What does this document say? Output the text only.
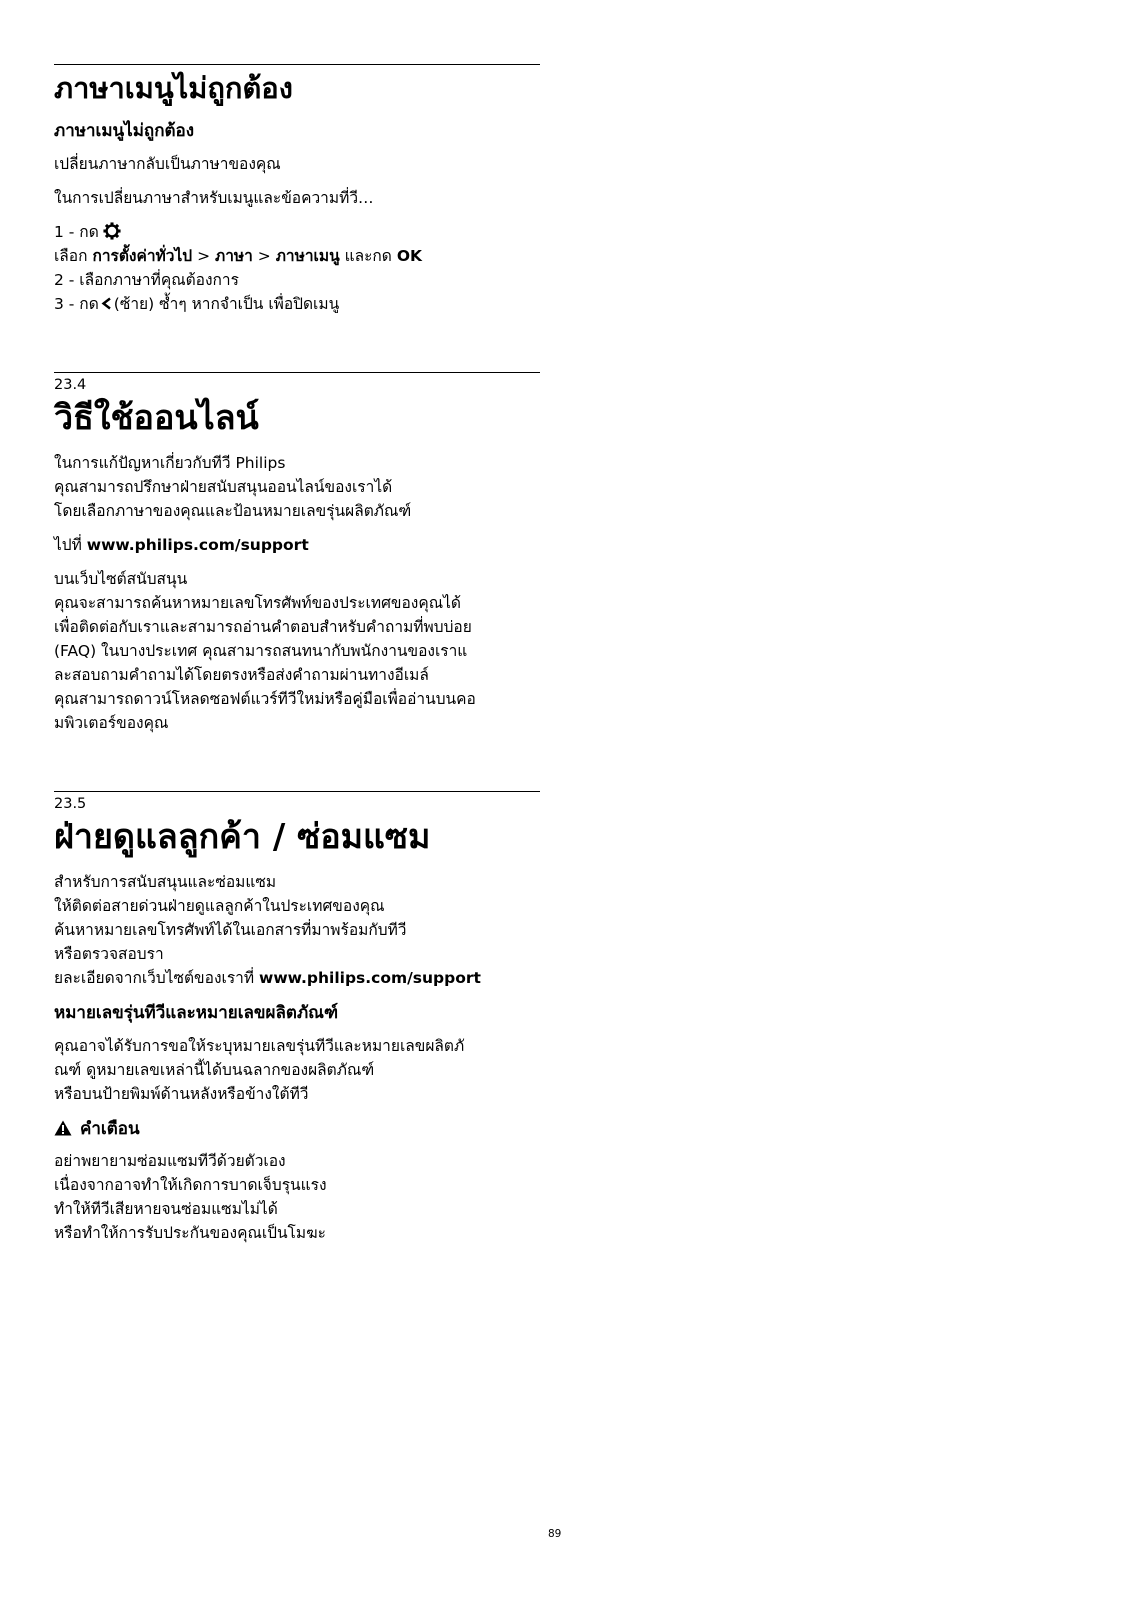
ภาษาเมนูไม่ถูกต้อง
ภาษาเมนูไม่ถูกต้อง

เปลี่ยนภาษากลับเป็นภาษาของคุณ

ในการเปลี่ยนภาษาสำหรับเมนูและข้อความที่วี…

1 - กด
เลือก การตั้งค่าทั่วไป > ภาษา > ภาษาเมนู และกด OK
2 - เลือกภาษาที่คุณต้องการ
3 - กด (ซ้าย) ซ้ำๆ หากจำเป็น เพื่อปิดเมนู
23.4
วิธีใช้ออนไลน์
ในการแก้ปัญหาเกี่ยวกับทีวี Philips
คุณสามารถปรึกษาฝ่ายสนับสนุนออนไลน์ของเราได้
โดยเลือกภาษาของคุณและป้อนหมายเลขรุ่นผลิตภัณฑ์
ไปที่ www.philips.com/support
บนเว็บไซต์สนับสนุน
คุณจะสามารถค้นหาหมายเลขโทรศัพท์ของประเทศของคุณได้
เพื่อติดต่อกับเราและสามารถอ่านคำตอบสำหรับคำถามที่พบบ่อย
(FAQ) ในบางประเทศ คุณสามารถสนทนากับพนักงานของเราแ
ละสอบถามคำถามได้โดยตรงหรือส่งคำถามผ่านทางอีเมล์
คุณสามารถดาวน์โหลดซอฟต์แวร์ทีวีใหม่หรือคู่มือเพื่ออ่านบนคอ
มพิวเตอร์ของคุณ
23.5
ฝ่ายดูแลลูกค้า / ซ่อมแซม
สำหรับการสนับสนุนและซ่อมแซม
ให้ติดต่อสายด่วนฝ่ายดูแลลูกค้าในประเทศของคุณ
ค้นหาหมายเลขโทรศัพท์ได้ในเอกสารที่มาพร้อมกับทีวี
หรือตรวจสอบรา
ยละเอียดจากเว็บไซต์ของเราที่ www.philips.com/support
หมายเลขรุ่นทีวีและหมายเลขผลิตภัณฑ์
คุณอาจได้รับการขอให้ระบุหมายเลขรุ่นทีวีและหมายเลขผลิตภั
ณฑ์ ดูหมายเลขเหล่านี้ได้บนฉลากของผลิตภัณฑ์
หรือบนป้ายพิมพ์ด้านหลังหรือข้างใต้ทีวี
คำเตือน
อย่าพยายามซ่อมแซมทีวีด้วยตัวเอง
เนื่องจากอาจทำให้เกิดการบาดเจ็บรุนแรง
ทำให้ทีวีเสียหายจนซ่อมแซมไม่ได้
หรือทำให้การรับประกันของคุณเป็นโมฆะ
89
